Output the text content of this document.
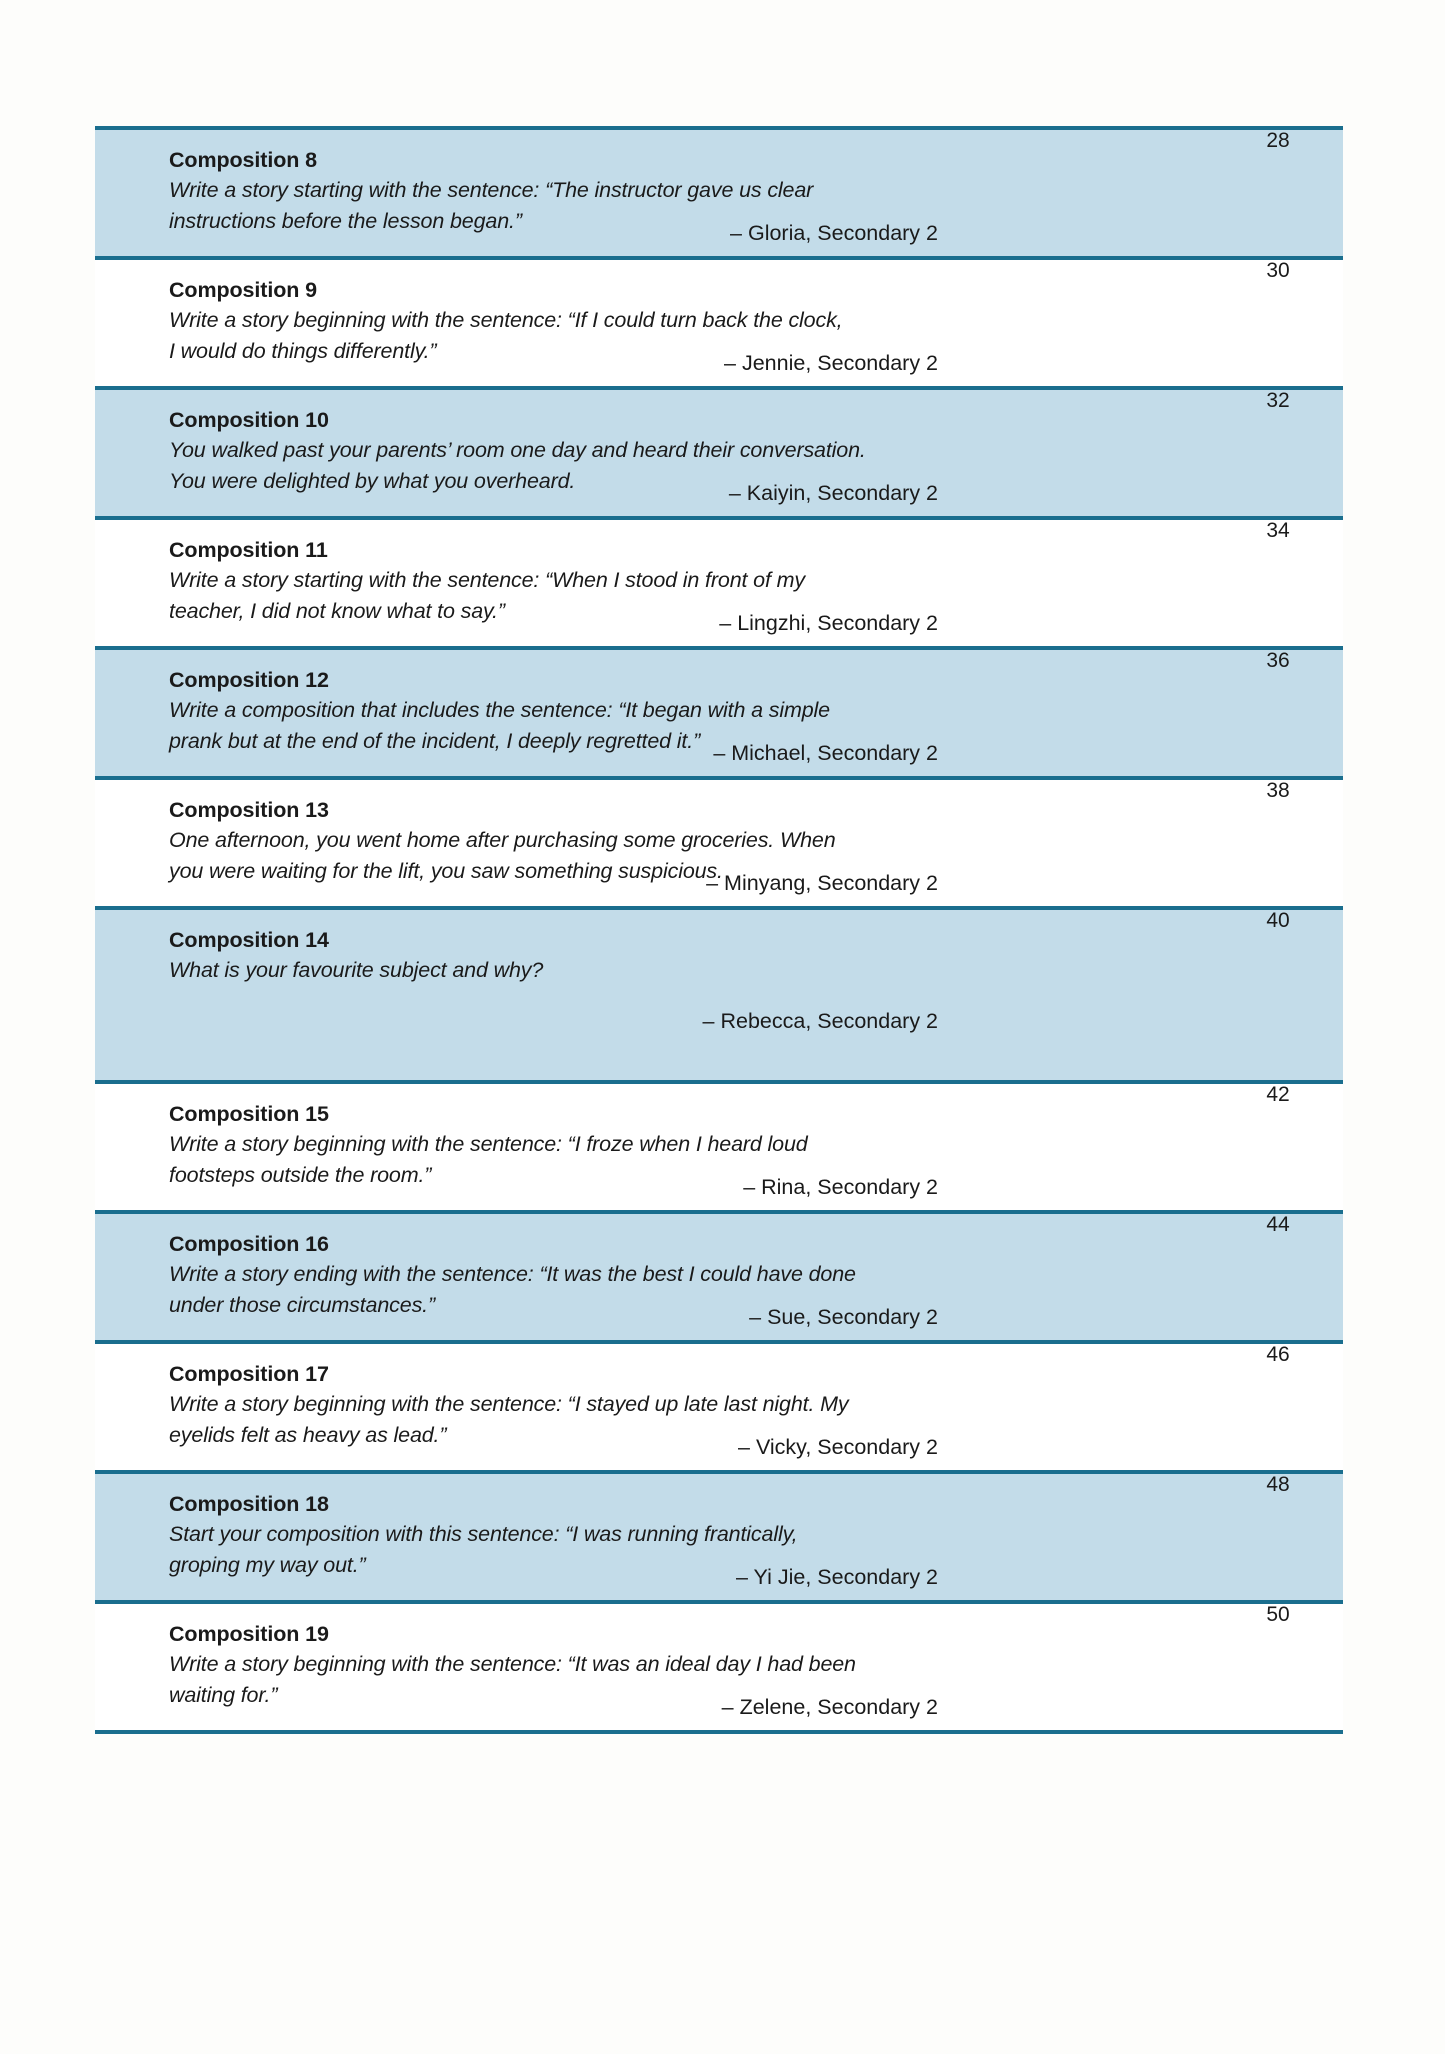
Composition 8
Write a story starting with the sentence: “The instructor gave us clear
instructions before the lesson began.”
– Gloria, Secondary 2	28

Composition 9
Write a story beginning with the sentence: “If I could turn back the clock,
I would do things differently.”
– Jennie, Secondary 2	30

Composition 10
You walked past your parents’ room one day and heard their conversation.
You were delighted by what you overheard.
– Kaiyin, Secondary 2	32

Composition 11
Write a story starting with the sentence: “When I stood in front of my
teacher, I did not know what to say.”
– Lingzhi, Secondary 2	34

Composition 12
Write a composition that includes the sentence: “It began with a simple
prank but at the end of the incident, I deeply regretted it.”
– Michael, Secondary 2	36

Composition 13
One afternoon, you went home after purchasing some groceries. When
you were waiting for the lift, you saw something suspicious.
– Minyang, Secondary 2	38

Composition 14
What is your favourite subject and why?
– Rebecca, Secondary 2	40

Composition 15
Write a story beginning with the sentence: “I froze when I heard loud
footsteps outside the room.”
– Rina, Secondary 2	42

Composition 16
Write a story ending with the sentence: “It was the best I could have done
under those circumstances.”
– Sue, Secondary 2	44

Composition 17
Write a story beginning with the sentence: “I stayed up late last night. My
eyelids felt as heavy as lead.”
– Vicky, Secondary 2	46

Composition 18
Start your composition with this sentence: “I was running frantically,
groping my way out.”
– Yi Jie, Secondary 2	48

Composition 19
Write a story beginning with the sentence: “It was an ideal day I had been
waiting for.”
– Zelene, Secondary 2	50
